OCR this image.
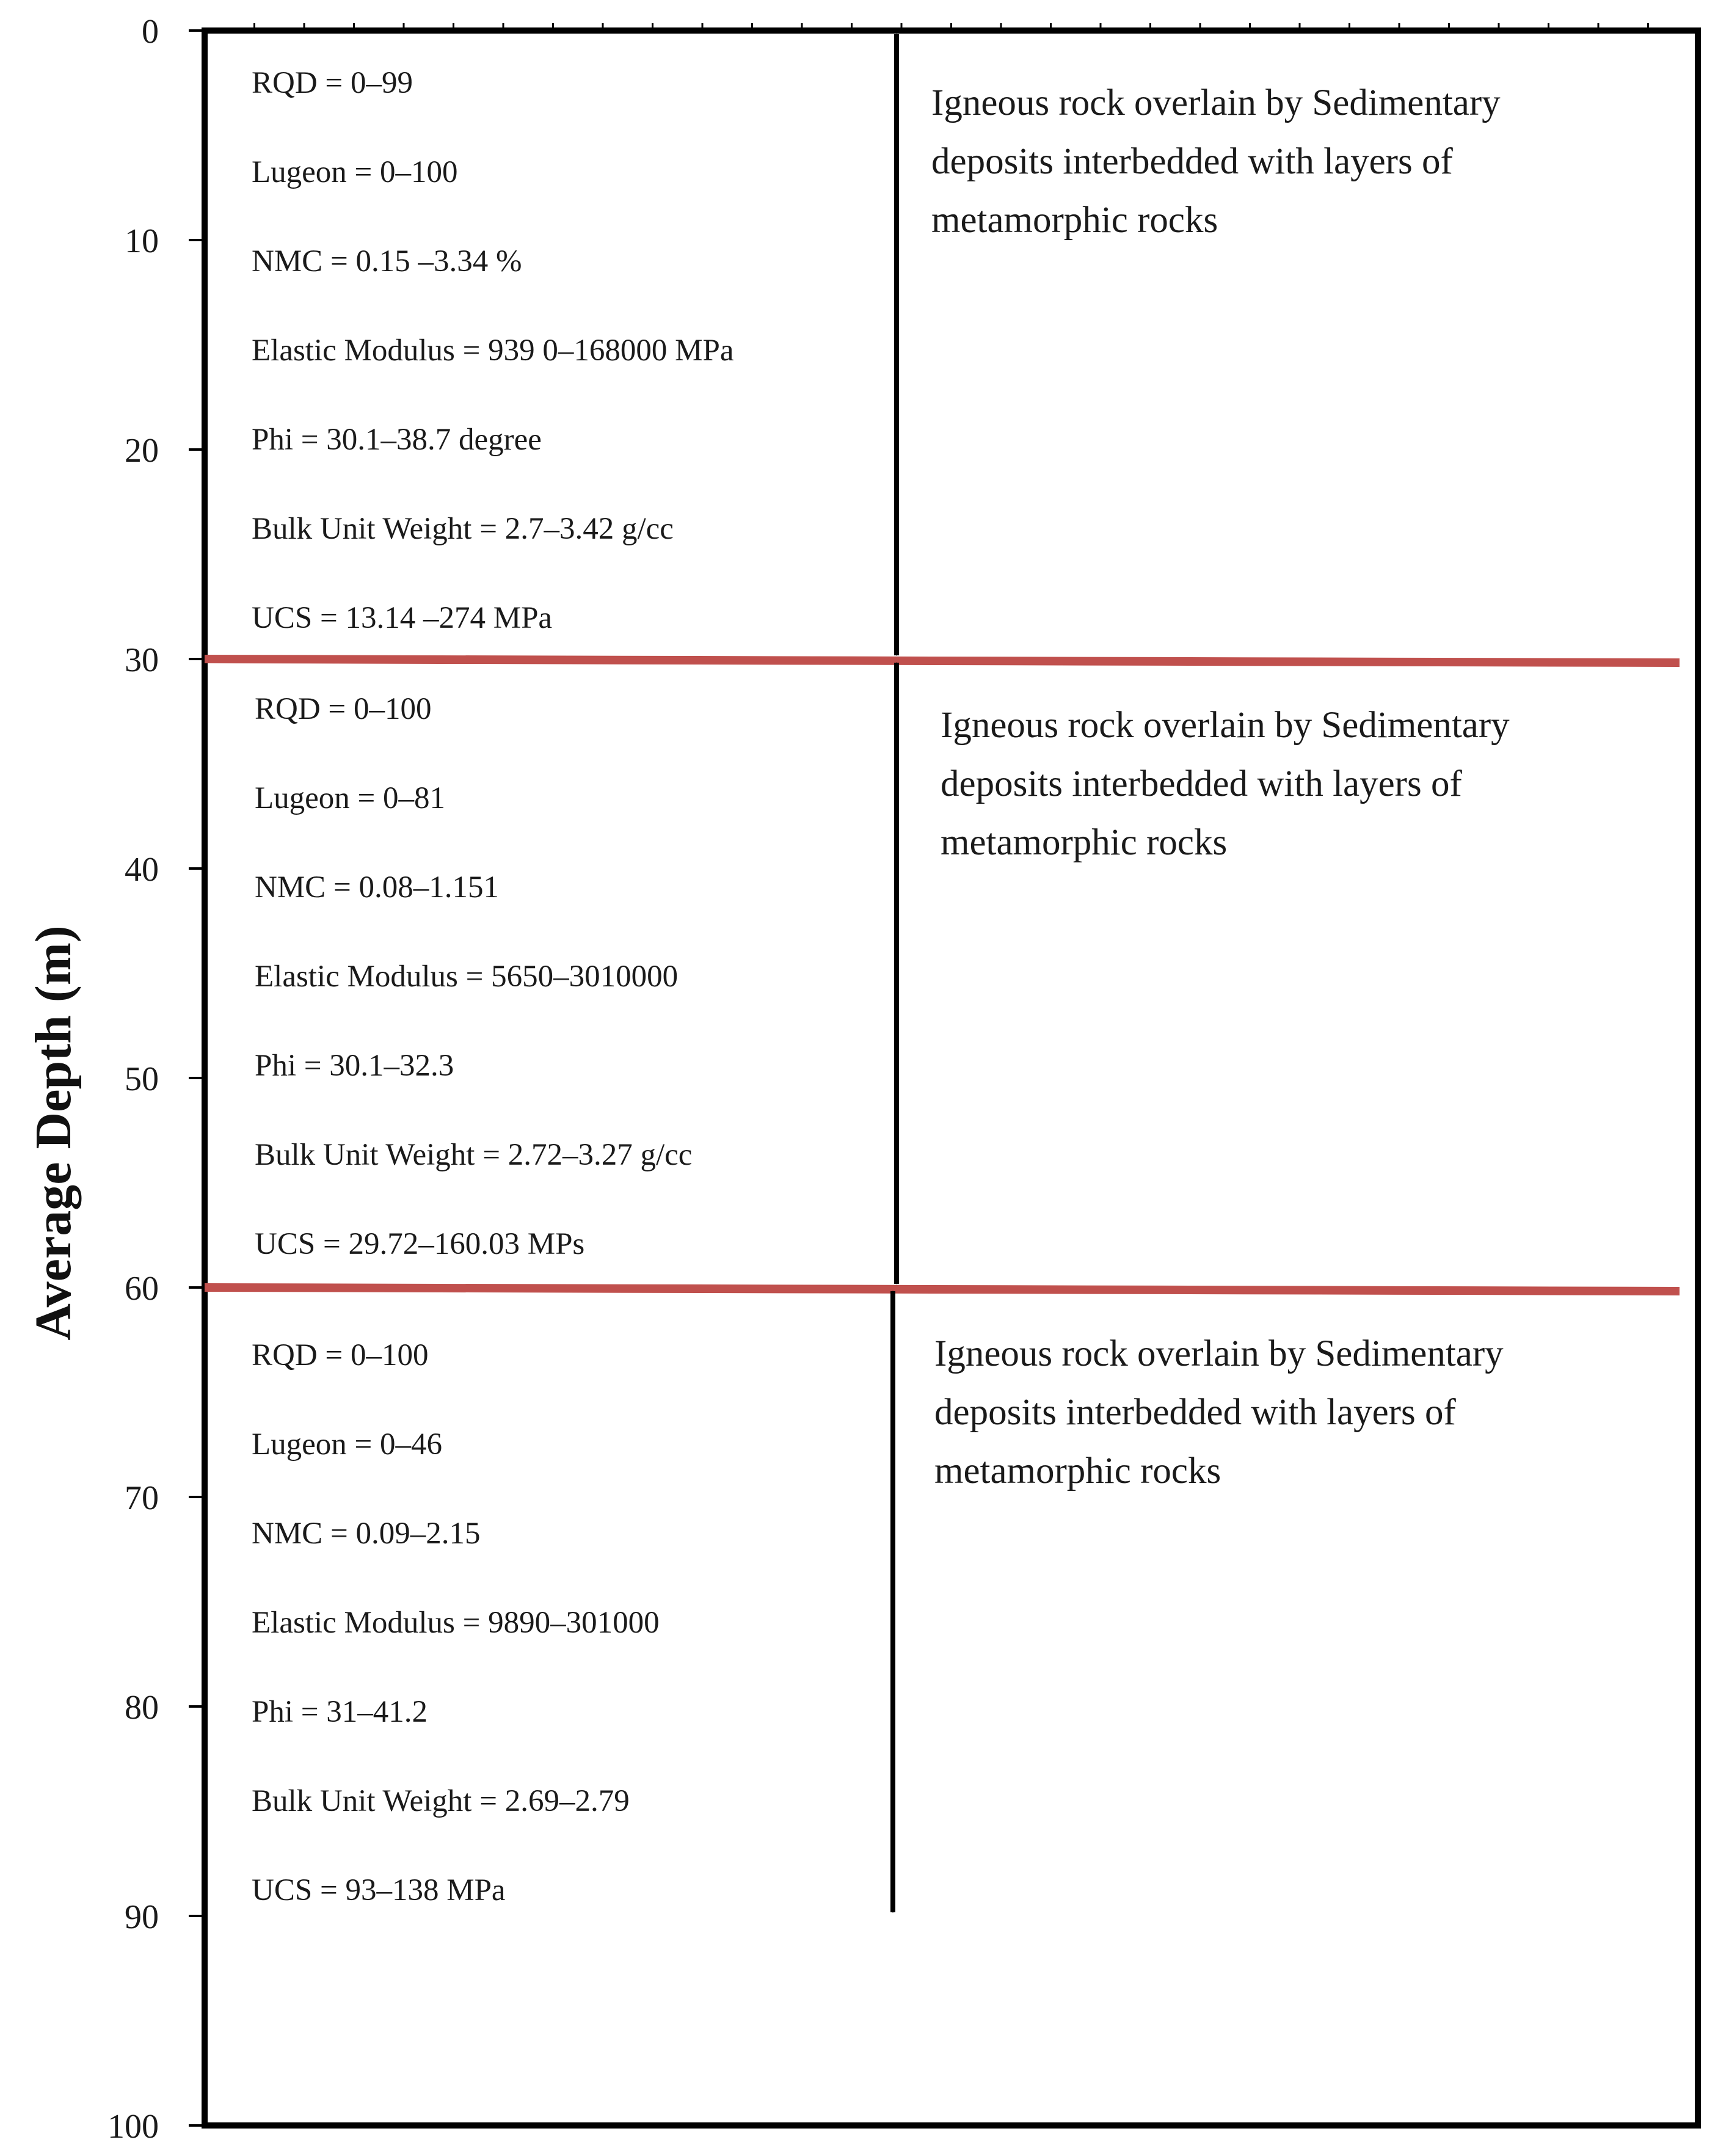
0
10
20
30
40
50
60
70
80
90
100
RQD = 0–99
Lugeon = 0–100
NMC = 0.15 –3.34 %
Elastic Modulus = 939 0–168000 MPa
Phi = 30.1–38.7 degree
Bulk Unit Weight = 2.7–3.42 g/cc
UCS = 13.14 –274 MPa
RQD = 0–100
Lugeon = 0–81
NMC = 0.08–1.151
Elastic Modulus = 5650–3010000
Phi = 30.1–32.3
Bulk Unit Weight = 2.72–3.27 g/cc
UCS = 29.72–160.03 MPs
RQD = 0–100
Lugeon = 0–46
NMC = 0.09–2.15
Elastic Modulus = 9890–301000
Phi = 31–41.2
Bulk Unit Weight = 2.69–2.79
UCS = 93–138 MPa
Igneous rock overlain by Sedimentary
deposits interbedded with layers of
metamorphic rocks
Igneous rock overlain by Sedimentary
deposits interbedded with layers of
metamorphic rocks
Igneous rock overlain by Sedimentary
deposits interbedded with layers of
metamorphic rocks
Average Depth (m)
